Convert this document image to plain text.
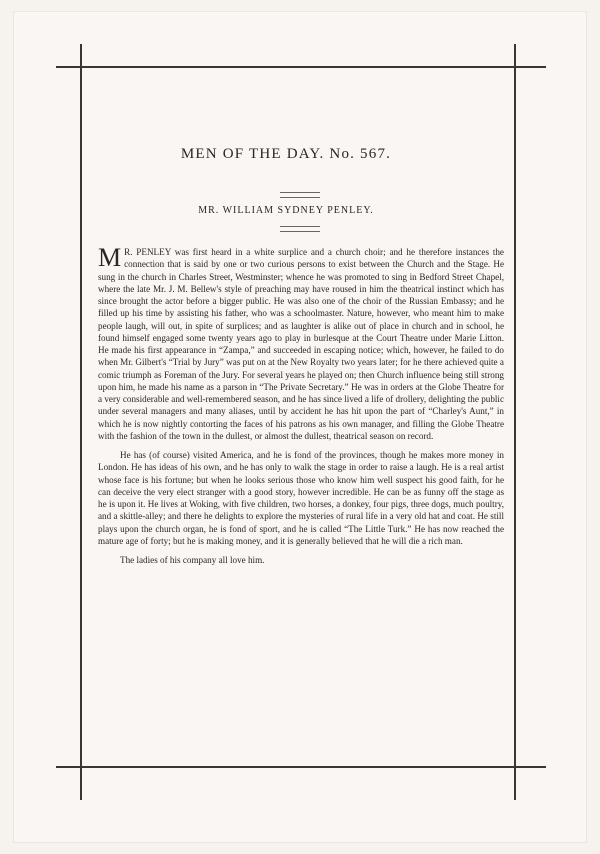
MEN OF THE DAY. No. 567.
MR. WILLIAM SYDNEY PENLEY.

M R. PENLEY was first heard in a white surplice and a church choir; and he therefore instances the connection that is said by one or two curious persons to exist between the Church and the Stage. He sung in the church in Charles Street, Westminster; whence he was promoted to sing in Bedford Street Chapel, where the late Mr. J. M. Bellew's style of preaching may have roused in him the theatrical instinct which has since brought the actor before a bigger public. He was also one of the choir of the Russian Embassy; and he filled up his time by assisting his father, who was a schoolmaster. Nature, however, who meant him to make people laugh, will out, in spite of surplices; and as laughter is alike out of place in church and in school, he found himself engaged some twenty years ago to play in burlesque at the Court Theatre under Marie Litton. He made his first appearance in “Zampa,” and succeeded in escaping notice; which, however, he failed to do when Mr. Gilbert's “Trial by Jury” was put on at the New Royalty two years later; for he there achieved quite a comic triumph as Foreman of the Jury. For several years he played on; then Church influence being still strong upon him, he made his name as a parson in “The Private Secretary.” He was in orders at the Globe Theatre for a very considerable and well-remembered season, and he has since lived a life of drollery, delighting the public under several managers and many aliases, until by accident he has hit upon the part of “Charley's Aunt,” in which he is now nightly contorting the faces of his patrons as his own manager, and filling the Globe Theatre with the fashion of the town in the dullest, or almost the dullest, theatrical season on record.

He has (of course) visited America, and he is fond of the provinces, though he makes more money in London. He has ideas of his own, and he has only to walk the stage in order to raise a laugh. He is a real artist whose face is his fortune; but when he looks serious those who know him well suspect his good faith, for he can deceive the very elect stranger with a good story, however incredible. He can be as funny off the stage as he is upon it. He lives at Woking, with five children, two horses, a donkey, four pigs, three dogs, much poultry, and a skittle-alley; and there he delights to explore the mysteries of rural life in a very old hat and coat. He still plays upon the church organ, he is fond of sport, and he is called “The Little Turk.” He has now reached the mature age of forty; but he is making money, and it is generally believed that he will die a rich man.

The ladies of his company all love him.
